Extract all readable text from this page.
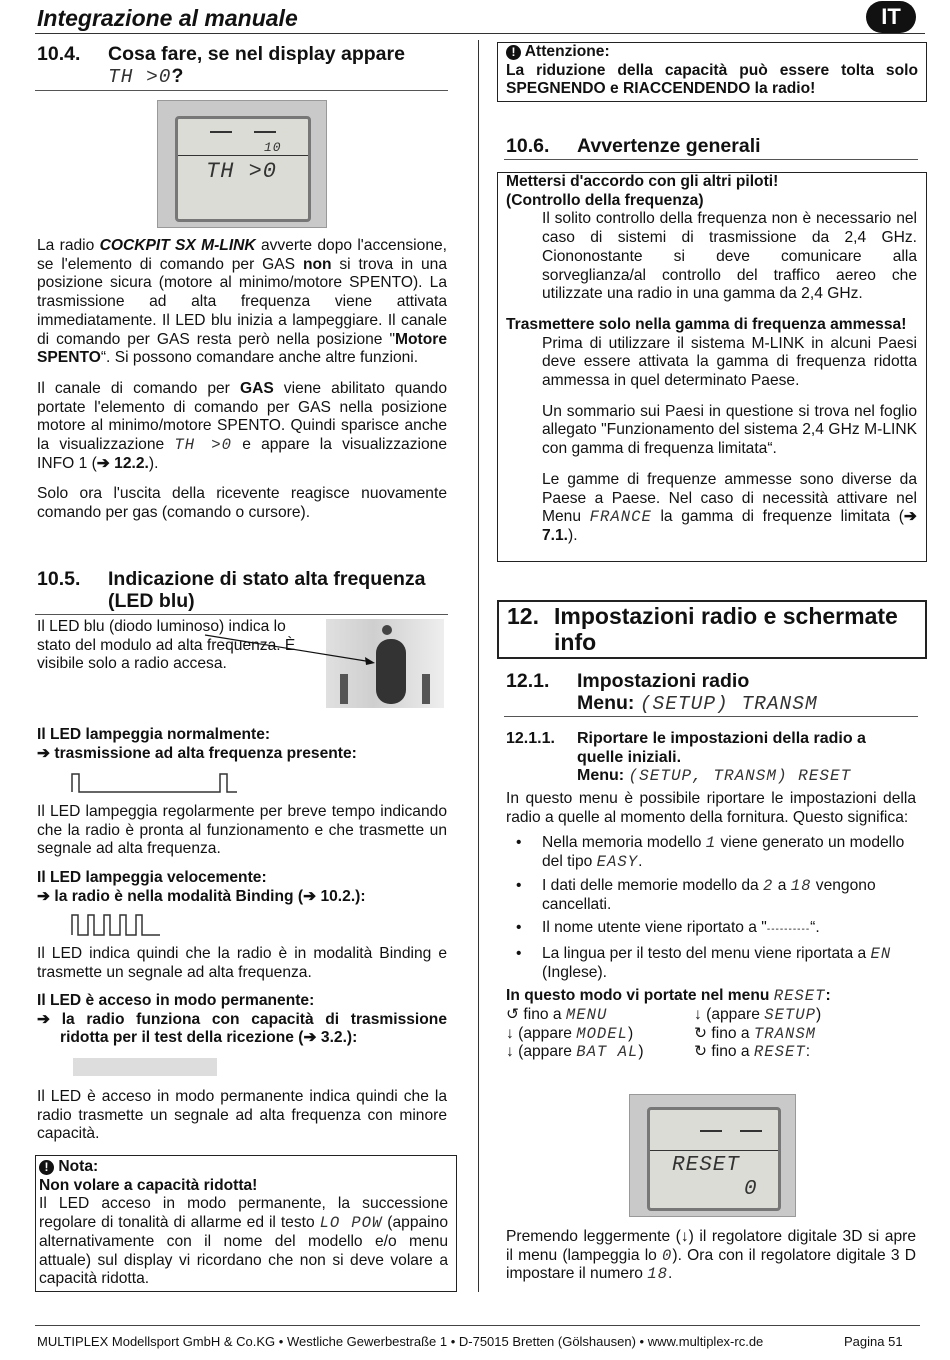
Integrazione al manuale	IT
10.4. Cosa fare, se nel display appare
TH >0?
10
TH >0

La radio COCKPIT SX M-LINK avverte dopo l'accensione, se l'elemento di comando per GAS non si trova in una posizione sicura (motore al minimo/motore SPENTO). La trasmissione ad alta frequenza viene attivata immediatamente. Il LED blu inizia a lampeggiare. Il canale di comando per GAS resta però nella posizione "Motore SPENTO“. Si possono comandare anche altre funzioni.

Il canale di comando per GAS viene abilitato quando portate l'elemento di comando per GAS nella posizione motore al minimo/motore SPENTO. Quindi sparisce anche la visualizzazione TH >0 e appare la visualizzazione INFO 1 (➔ 12.2.).

Solo ora l'uscita della ricevente reagisce nuovamente comando per gas (comando o cursore).

10.5.	Indicazione di stato alta frequenza (LED blu)
Il LED blu (diodo luminoso) indica lo stato del modulo ad alta frequenza. È visibile solo a radio accesa.
Il LED lampeggia normalmente:
➔ trasmissione ad alta frequenza presente:
Il LED lampeggia regolarmente per breve tempo indicando che la radio è pronta al funzionamento e che trasmette un segnale ad alta frequenza.
Il LED lampeggia velocemente:
➔ la radio è nella modalità Binding (➔ 10.2.):
Il LED indica quindi che la radio è in modalità Binding e trasmette un segnale ad alta frequenza.
Il LED è acceso in modo permanente:
➔ la radio funziona con capacità di trasmissione ridotta per il test della ricezione (➔ 3.2.):
Il LED è acceso in modo permanente indica quindi che la radio trasmette un segnale ad alta frequenza con minore capacità.
! Nota:
Non volare a capacità ridotta!
Il LED acceso in modo permanente, la successione regolare di tonalità di allarme ed il testo LO POW (appaino alternativamente con il nome del modello e/o menu attuale) sul display vi ricordano che non si deve volare a capacità ridotta.
! Attenzione:
La riduzione della capacità può essere tolta solo SPEGNENDO e RIACCENDENDO la radio!
10.6. Avvertenze generali
Mettersi d'accordo con gli altri piloti!
(Controllo della frequenza)
Il solito controllo della frequenza non è necessario nel caso di sistemi di trasmissione da 2,4 GHz. Ciononostante si deve comunicare alla sorveglianza/al controllo del traffico aereo che utilizzate una radio in una gamma da 2,4 GHz.
Trasmettere solo nella gamma di frequenza ammessa!
Prima di utilizzare il sistema M-LINK in alcuni Paesi deve essere attivata la gamma di frequenza ridotta ammessa in quel determinato Paese.
Un sommario sui Paesi in questione si trova nel foglio allegato "Funzionamento del sistema 2,4 GHz M-LINK con gamma di frequenza limitata“.
Le gamme di frequenze ammesse sono diverse da Paese a Paese. Nel caso di necessità attivare nel Menu FRANCE la gamma di frequenze limitata (➔ 7.1.).
12. Impostazioni radio e schermate info
12.1. Impostazioni radio
Menu: (SETUP) TRANSM
12.1.1.	Riportare le impostazioni della radio a quelle iniziali.
Menu: (SETUP, TRANSM) RESET
In questo menu è possibile riportare le impostazioni della radio a quelle al momento della fornitura. Questo significa:
• Nella memoria modello 1 viene generato un modello del tipo EASY.
• I dati delle memorie modello da 2 a 18 vengono cancellati.
• Il nome utente viene riportato a "----------“.
• La lingua per il testo del menu viene riportata a EN (Inglese).
In questo modo vi portate nel menu RESET:
↺ fino a MENU	↓ (appare SETUP)
↓ (appare MODEL)	↻ fino a TRANSM
↓ (appare BAT AL)	↻ fino a RESET:
RESET
0
Premendo leggermente (↓) il regolatore digitale 3D si apre il menu (lampeggia lo 0). Ora con il regolatore digitale 3 D impostare il numero 18.
MULTIPLEX Modellsport GmbH & Co.KG • Westliche Gewerbestraße 1 • D-75015 Bretten (Gölshausen) • www.multiplex-rc.de	Pagina 51
